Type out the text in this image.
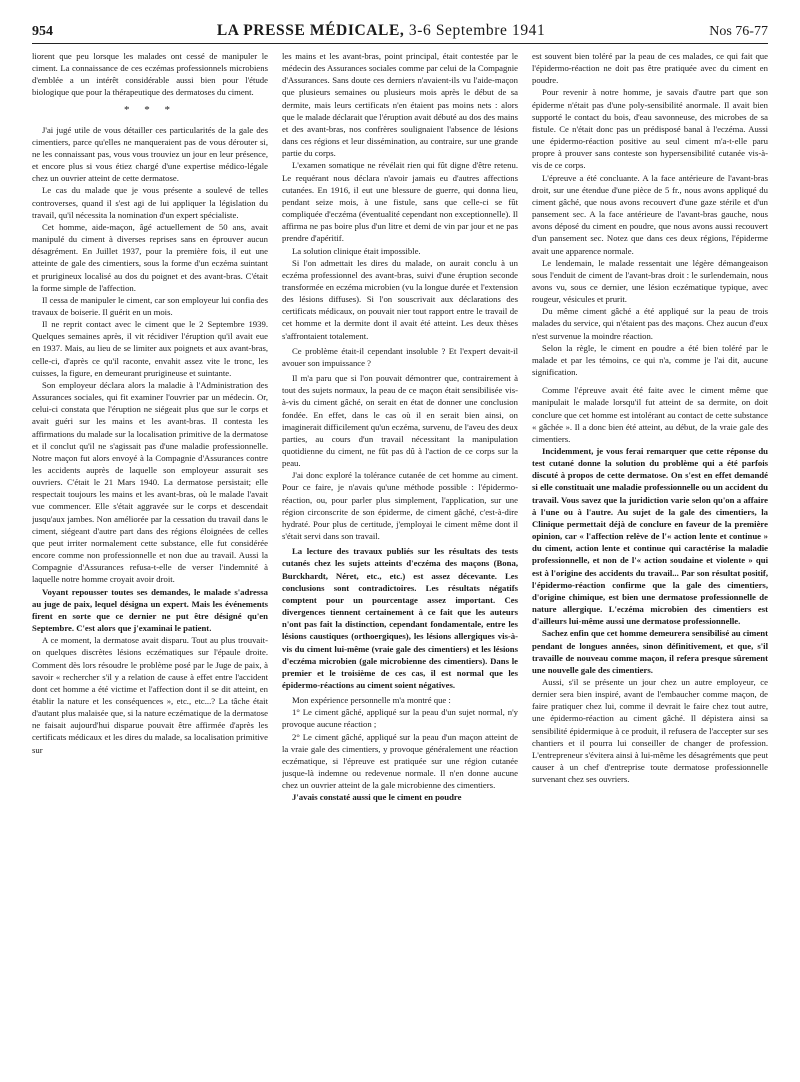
954	LA PRESSE MÉDICALE, 3-6 Septembre 1941	Nos 76-77

liorent que peu lorsque les malades ont cessé de manipuler le ciment. La connaissance de ces eczémas professionnels microbiens d'emblée a un intérêt considérable aussi bien pour l'étude biologique que pour la thérapeutique des dermatoses du ciment.

* * *

J'ai jugé utile de vous détailler ces particularités de la gale des cimentiers, parce qu'elles ne manqueraient pas de vous dérouter si, ne les connaissant pas, vous vous trouviez un jour en leur présence, et encore plus si vous étiez chargé d'une expertise médico-légale chez un ouvrier atteint de cette dermatose.

Le cas du malade que je vous présente a soulevé de telles controverses, quand il s'est agi de lui appliquer la législation du travail, qu'il nécessita la nomination d'un expert spécialiste.

Cet homme, aide-maçon, âgé actuellement de 50 ans, avait manipulé du ciment à diverses reprises sans en éprouver aucun désagrément. En Juillet 1937, pour la première fois, il eut une atteinte de gale des cimentiers, sous la forme d'un eczéma suintant et prurigineux localisé au dos du poignet et des avant-bras. C'était la forme simple de l'affection.

Il cessa de manipuler le ciment, car son employeur lui confia des travaux de boiserie. Il guérit en un mois.

Il ne reprit contact avec le ciment que le 2 Septembre 1939. Quelques semaines après, il vit récidiver l'éruption qu'il avait eue en 1937. Mais, au lieu de se limiter aux poignets et aux avant-bras, celle-ci, d'après ce qu'il raconte, envahit assez vite le tronc, les cuisses, la figure, en demeurant prurigineuse et suintante.

Son employeur déclara alors la maladie à l'Administration des Assurances sociales, qui fit examiner l'ouvrier par un médecin. Or, celui-ci constata que l'éruption ne siégeait plus que sur le corps et avait guéri sur les mains et les avant-bras. Il contesta les affirmations du malade sur la localisation primitive de la dermatose et il conclut qu'il ne s'agissait pas d'une maladie professionnelle. Notre maçon fut alors envoyé à la Compagnie d'Assurances contre les accidents auprès de laquelle son employeur assurait ses ouvriers. C'était le 21 Mars 1940. La dermatose persistait; elle respectait toujours les mains et les avant-bras, où le malade l'avait vue commencer. Elle s'était aggravée sur le corps et descendait jusqu'aux jambes. Non améliorée par la cessation du travail dans le ciment, siégeant d'autre part dans des régions éloignées de celles que peut irriter normalement cette substance, elle fut considérée encore comme non professionnelle et non due au travail. Aussi la Compagnie d'Assurances refusa-t-elle de verser l'indemnité à laquelle notre homme croyait avoir droit.

Voyant repousser toutes ses demandes, le malade s'adressa au juge de paix, lequel désigna un expert. Mais les événements firent en sorte que ce dernier ne put être désigné qu'en Septembre. C'est alors que j'examinai le patient.

A ce moment, la dermatose avait disparu. Tout au plus trouvait-on quelques discrètes lésions eczématiques sur l'épaule droite. Comment dès lors résoudre le problème posé par le Juge de paix, à savoir « rechercher s'il y a relation de cause à effet entre l'accident dont cet homme a été victime et l'affection dont il se dit atteint, en établir la nature et les conséquences », etc., etc...? La tâche était d'autant plus malaisée que, si la nature eczématique de la dermatose ne faisait aujourd'hui disparue pouvait être affirmée d'après les certificats médicaux et les dires du malade, sa localisation primitive sur

les mains et les avant-bras, point principal, était contestée par le médecin des Assurances sociales comme par celui de la Compagnie d'Assurances. Sans doute ces derniers n'avaient-ils vu l'aide-maçon que plusieurs semaines ou plusieurs mois après le début de sa dermite, mais leurs certificats n'en étaient pas moins nets : alors que le malade déclarait que l'éruption avait débuté au dos des mains et des avant-bras, nos confrères soulignaient l'absence de lésions dans ces régions et leur dissémination, au contraire, sur une grande partie du corps.

L'examen somatique ne révélait rien qui fût digne d'être retenu. Le requérant nous déclara n'avoir jamais eu d'autres affections cutanées. En 1916, il eut une blessure de guerre, qui donna lieu, pendant seize mois, à une fistule, sans que celle-ci se fût compliquée d'eczéma (éventualité cependant non exceptionnelle). Il affirma ne pas boire plus d'un litre et demi de vin par jour et ne pas prendre d'apéritif.

La solution clinique était impossible.

Si l'on admettait les dires du malade, on aurait conclu à un eczéma professionnel des avant-bras, suivi d'une éruption seconde transformée en eczéma microbien (vu la longue durée et l'extension des lésions diffuses). Si l'on souscrivait aux déclarations des certificats médicaux, on pouvait nier tout rapport entre le travail de cet homme et la dermite dont il avait été atteint. Les deux thèses s'affrontaient totalement.

Ce problème était-il cependant insoluble ? Et l'expert devait-il avouer son impuissance ?

Il m'a paru que si l'on pouvait démontrer que, contrairement à tout des sujets normaux, la peau de ce maçon était sensibilisée vis-à-vis du ciment gâché, on serait en état de donner une conclusion fondée. En effet, dans le cas où il en serait bien ainsi, on imaginerait difficilement qu'un eczéma, survenu, de l'aveu des deux parties, au cours d'un travail nécessitant la manipulation quotidienne du ciment, ne fût pas dû à l'action de ce corps sur la peau.

J'ai donc exploré la tolérance cutanée de cet homme au ciment. Pour ce faire, je n'avais qu'une méthode possible : l'épidermo-réaction, ou, pour parler plus simplement, l'application, sur une région circonscrite de son épiderme, de ciment gâché, c'est-à-dire hydraté. Pour plus de certitude, j'employai le ciment même dont il s'était servi dans son travail.

La lecture des travaux publiés sur les résultats des tests cutanés chez les sujets atteints d'eczéma des maçons (Bona, Burckhardt, Néret, etc., etc.) est assez décevante. Les conclusions sont contradictoires. Les résultats négatifs comptent pour un pourcentage assez important. Ces divergences tiennent certainement à ce fait que les auteurs n'ont pas fait la distinction, cependant fondamentale, entre les lésions caustiques (orthoergiques), les lésions allergiques vis-à-vis du ciment lui-même (vraie gale des cimentiers) et les lésions d'eczéma microbien (gale microbienne des cimentiers). Dans le premier et le troisième de ces cas, il est normal que les épidermo-réactions au ciment soient négatives.

Mon expérience personnelle m'a montré que :

1° Le ciment gâché, appliqué sur la peau d'un sujet normal, n'y provoque aucune réaction ;

2° Le ciment gâché, appliqué sur la peau d'un maçon atteint de la vraie gale des cimentiers, y provoque généralement une réaction eczématique, si l'épreuve est pratiquée sur une région cutanée jusque-là indemne ou redevenue normale. Il n'en donne aucune chez un ouvrier atteint de la gale microbienne des cimentiers.

J'avais constaté aussi que le ciment en poudre

est souvent bien toléré par la peau de ces malades, ce qui fait que l'épidermo-réaction ne doit pas être pratiquée avec du ciment en poudre.

Pour revenir à notre homme, je savais d'autre part que son épiderme n'était pas d'une poly-sensibilité anormale. Il avait bien supporté le contact du bois, d'eau savonneuse, des microbes de sa fistule. Ce n'était donc pas un prédisposé banal à l'eczéma. Aussi une épidermo-réaction positive au seul ciment m'a-t-elle paru propre à prouver sans conteste son hypersensibilité cutanée vis-à-vis de ce corps.

L'épreuve a été concluante. A la face antérieure de l'avant-bras droit, sur une étendue d'une pièce de 5 fr., nous avons appliqué du ciment gâché, que nous avons recouvert d'une gaze stérile et d'un pansement sec. A la face antérieure de l'avant-bras gauche, nous avons déposé du ciment en poudre, que nous avons aussi recouvert d'un pansement sec. Notez que dans ces deux régions, l'épiderme avait une apparence normale.

Le lendemain, le malade ressentait une légère démangeaison sous l'enduit de ciment de l'avant-bras droit : le surlendemain, nous avons vu, sous ce dernier, une lésion eczématique typique, avec rougeur, vésicules et prurit.

Du même ciment gâché a été appliqué sur la peau de trois malades du service, qui n'étaient pas des maçons. Chez aucun d'eux n'est survenue la moindre réaction.

Selon la règle, le ciment en poudre a été bien toléré par le malade et par les témoins, ce qui n'a, comme je l'ai dit, aucune signification.

Comme l'épreuve avait été faite avec le ciment même que manipulait le malade lorsqu'il fut atteint de sa dermite, on doit conclure que cet homme est intolérant au contact de cette substance « gâchée ». Il a donc bien été atteint, au début, de la vraie gale des cimentiers.

Incidemment, je vous ferai remarquer que cette réponse du test cutané donne la solution du problème qui a été parfois discuté à propos de cette dermatose. On s'est en effet demandé si elle constituait une maladie professionnelle ou un accident du travail. Vous savez que la juridiction varie selon qu'on a affaire à l'une ou à l'autre. Au sujet de la gale des cimentiers, la Clinique permettait déjà de conclure en faveur de la première opinion, car « l'affection relève de l'« action lente et continue » du ciment, action lente et continue qui caractérise la maladie professionnelle, et non de l'« action soudaine et violente » qui est à l'origine des accidents du travail... Par son résultat positif, l'épidermo-réaction confirme que la gale des cimentiers, d'origine chimique, est bien une dermatose professionnelle de nature allergique. L'eczéma microbien des cimentiers est d'ailleurs lui-même aussi une dermatose professionnelle.

Sachez enfin que cet homme demeurera sensibilisé au ciment pendant de longues années, sinon définitivement, et que, s'il travaille de nouveau comme maçon, il refera presque sûrement une nouvelle gale des cimentiers.

Aussi, s'il se présente un jour chez un autre employeur, ce dernier sera bien inspiré, avant de l'embaucher comme maçon, de faire pratiquer chez lui, comme il devrait le faire chez tout autre, une épidermo-réaction au ciment gâché. Il dépistera ainsi sa sensibilité épidermique à ce produit, il refusera de l'accepter sur ses chantiers et il pourra lui conseiller de changer de profession. L'entrepreneur s'évitera ainsi à lui-même les désagréments que peut causer à un chef d'entreprise toute dermatose professionnelle survenant chez ses ouvriers.
